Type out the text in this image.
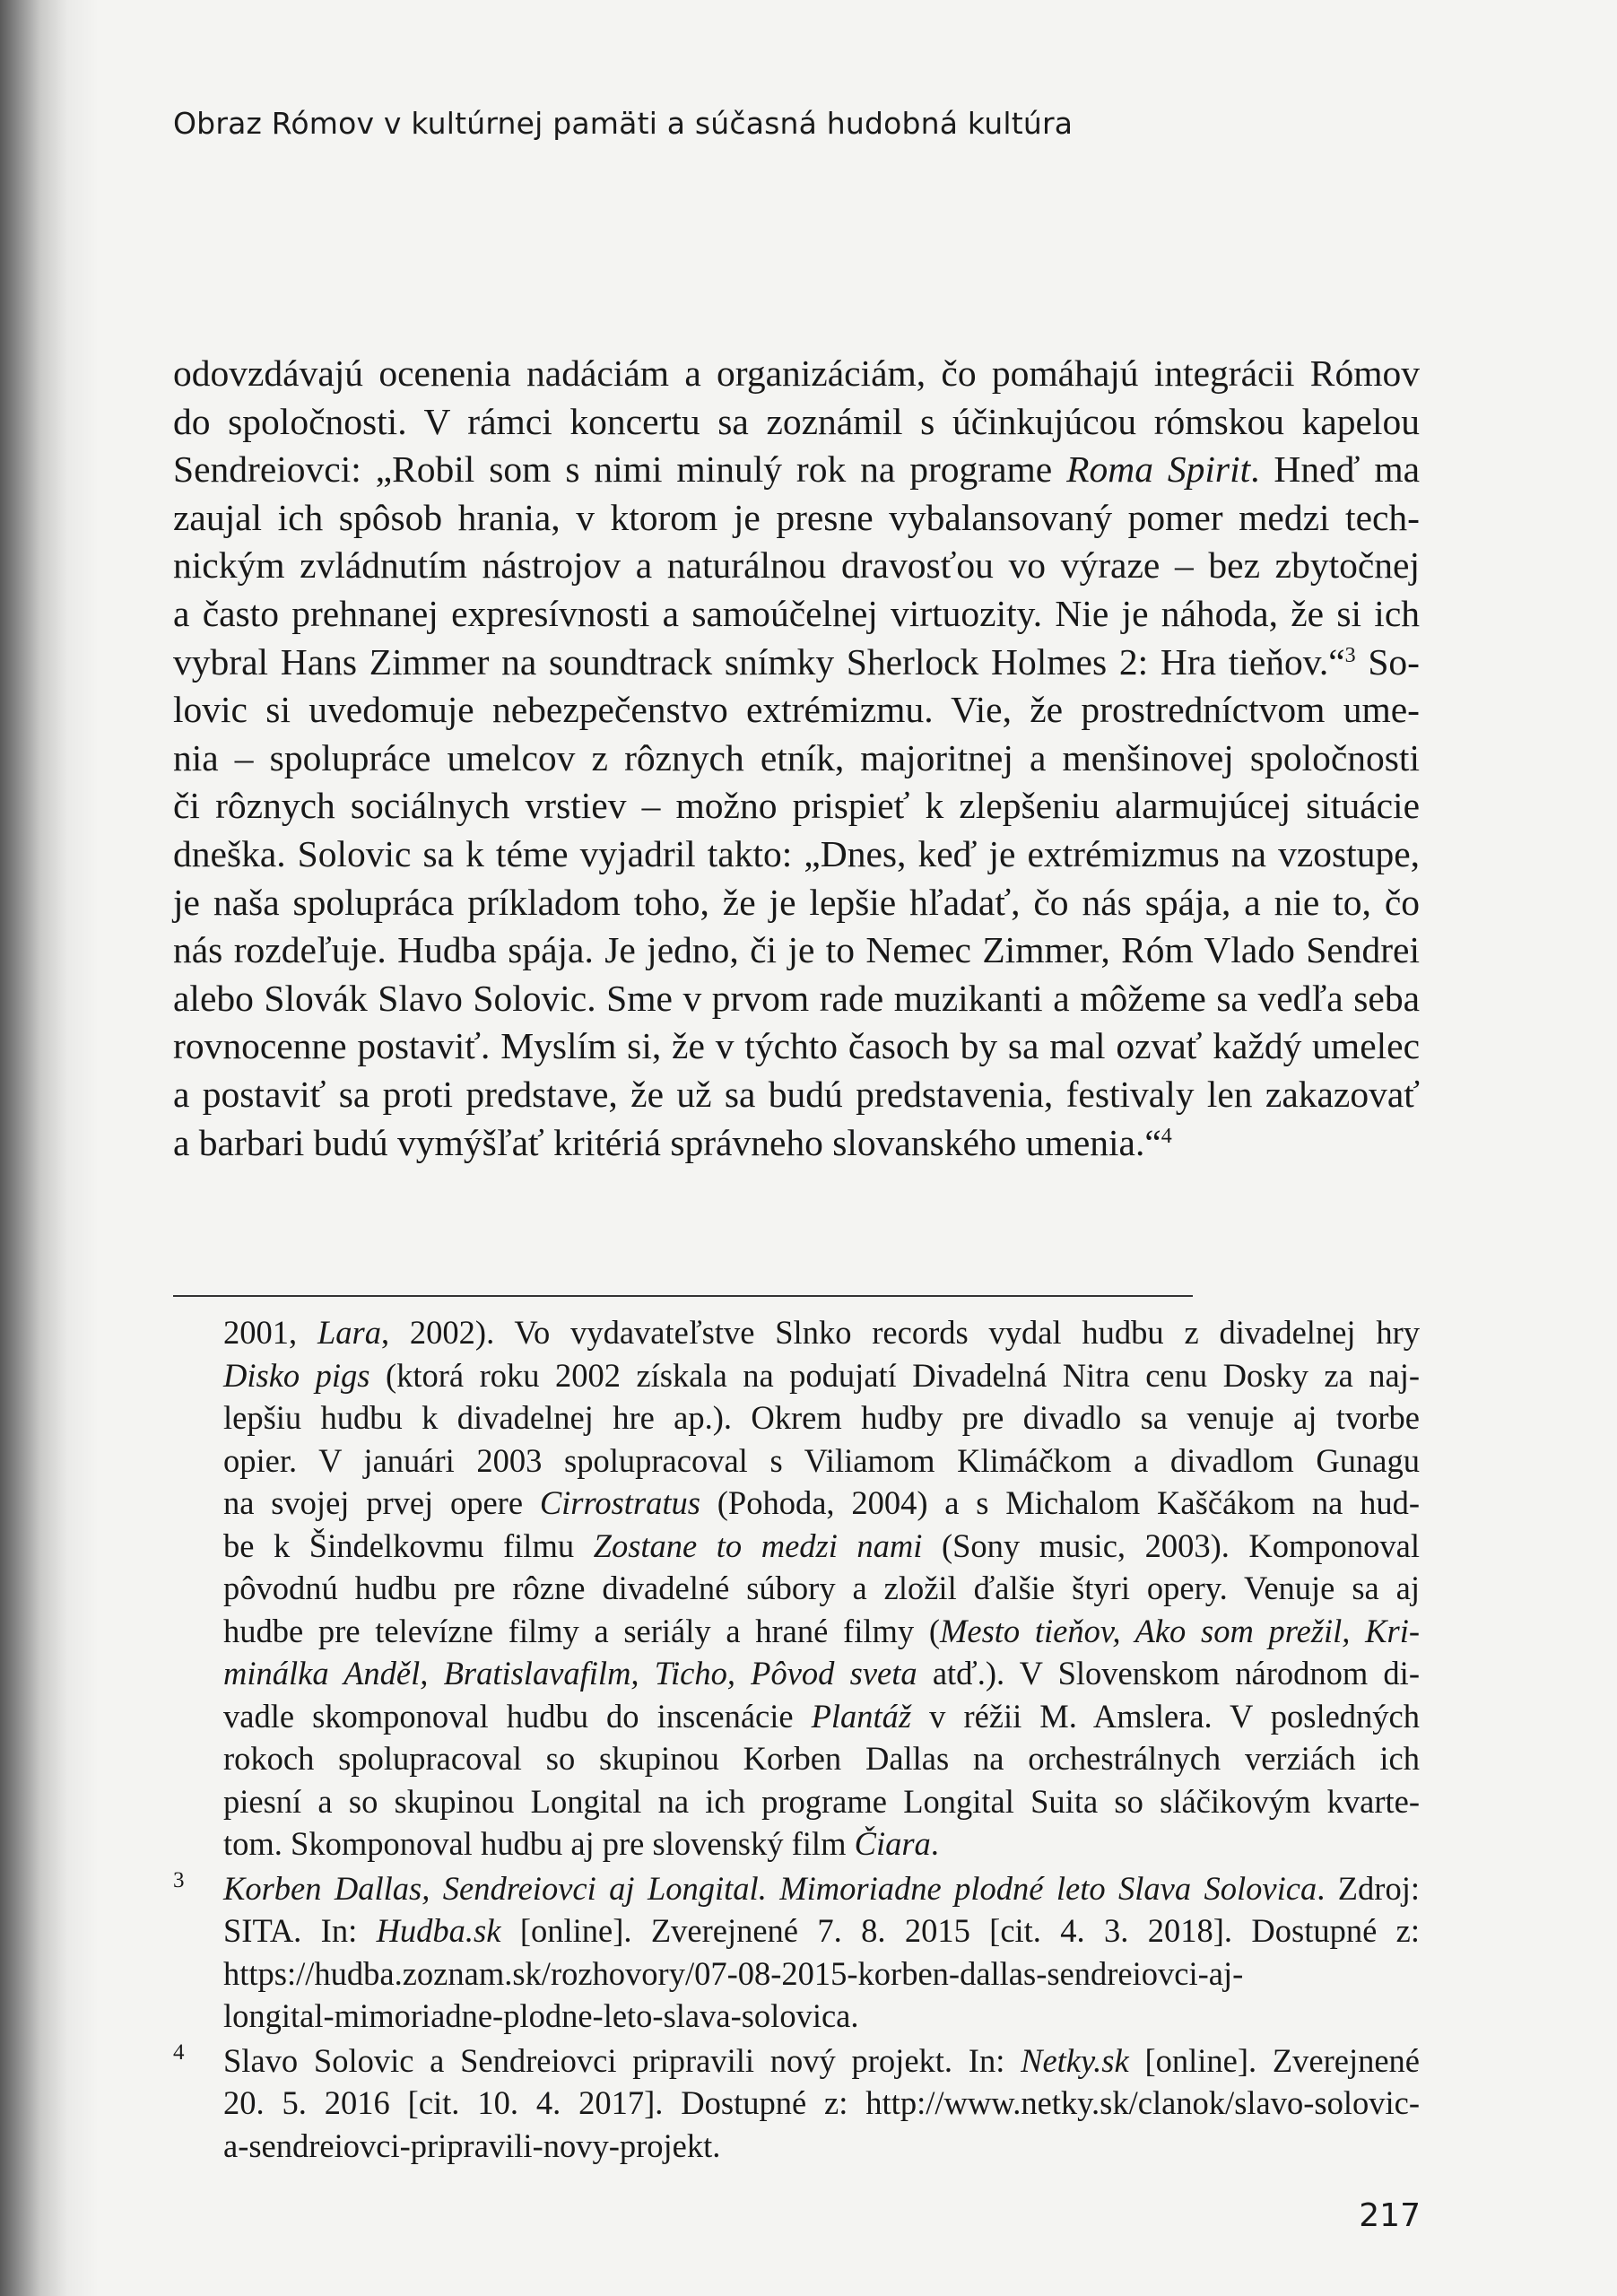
Obraz Rómov v kultúrnej pamäti a súčasná hudobná kultúra
odovzdávajú ocenenia nadáciám a organizáciám, čo pomáhajú integrácii Rómov
do spoločnosti. V rámci koncertu sa zoznámil s účinkujúcou rómskou kapelou
Sendreiovci: „Robil som s nimi minulý rok na programe Roma Spirit. Hneď ma
zaujal ich spôsob hrania, v ktorom je presne vybalansovaný pomer medzi tech-
nickým zvládnutím nástrojov a naturálnou dravosťou vo výraze – bez zbytočnej
a často prehnanej expresívnosti a samoúčelnej virtuozity. Nie je náhoda, že si ich
vybral Hans Zimmer na soundtrack snímky Sherlock Holmes 2: Hra tieňov.“$^3$ So-
lovic si uvedomuje nebezpečenstvo extrémizmu. Vie, že prostredníctvom ume-
nia – spolupráce umelcov z rôznych etník, majoritnej a menšinovej spoločnosti
či rôznych sociálnych vrstiev – možno prispieť k zlepšeniu alarmujúcej situácie
dneška. Solovic sa k téme vyjadril takto: „Dnes, keď je extrémizmus na vzostupe,
je naša spolupráca príkladom toho, že je lepšie hľadať, čo nás spája, a nie to, čo
nás rozdeľuje. Hudba spája. Je jedno, či je to Nemec Zimmer, Róm Vlado Sendrei
alebo Slovák Slavo Solovic. Sme v prvom rade muzikanti a môžeme sa vedľa seba
rovnocenne postaviť. Myslím si, že v týchto časoch by sa mal ozvať každý umelec
a postaviť sa proti predstave, že už sa budú predstavenia, festivaly len zakazovať
a barbari budú vymýšľať kritériá správneho slovanského umenia.“$^4$
2001, Lara, 2002). Vo vydavateľstve Slnko records vydal hudbu z divadelnej hry
Disko pigs (ktorá roku 2002 získala na podujatí Divadelná Nitra cenu Dosky za naj-
lepšiu hudbu k divadelnej hre ap.). Okrem hudby pre divadlo sa venuje aj tvorbe
opier. V januári 2003 spolupracoval s Viliamom Klimáčkom a divadlom Gunagu
na svojej prvej opere Cirrostratus (Pohoda, 2004) a s Michalom Kaščákom na hud-
be k Šindelkovmu filmu Zostane to medzi nami (Sony music, 2003). Komponoval
pôvodnú hudbu pre rôzne divadelné súbory a zložil ďalšie štyri opery. Venuje sa aj
hudbe pre televízne filmy a seriály a hrané filmy (Mesto tieňov, Ako som prežil, Kri-
minálka Anděl, Bratislavafilm, Ticho, Pôvod sveta atď.). V Slovenskom národnom di-
vadle skomponoval hudbu do inscenácie Plantáž v réžii M. Amslera. V posledných
rokoch spolupracoval so skupinou Korben Dallas na orchestrálnych verziách ich
piesní a so skupinou Longital na ich programe Longital Suita so sláčikovým kvarte-
tom. Skomponoval hudbu aj pre slovenský film Čiara.
3 Korben Dallas, Sendreiovci aj Longital. Mimoriadne plodné leto Slava Solovica. Zdroj:
SITA. In: Hudba.sk [online]. Zverejnené 7. 8. 2015 [cit. 4. 3. 2018]. Dostupné z:
https://hudba.zoznam.sk/rozhovory/07-08-2015-korben-dallas-sendreiovci-aj-
longital-mimoriadne-plodne-leto-slava-solovica.
4 Slavo Solovic a Sendreiovci pripravili nový projekt. In: Netky.sk [online]. Zverejnené
20. 5. 2016 [cit. 10. 4. 2017]. Dostupné z: http://www.netky.sk/clanok/slavo-solovic-
a-sendreiovci-pripravili-novy-projekt.
217
